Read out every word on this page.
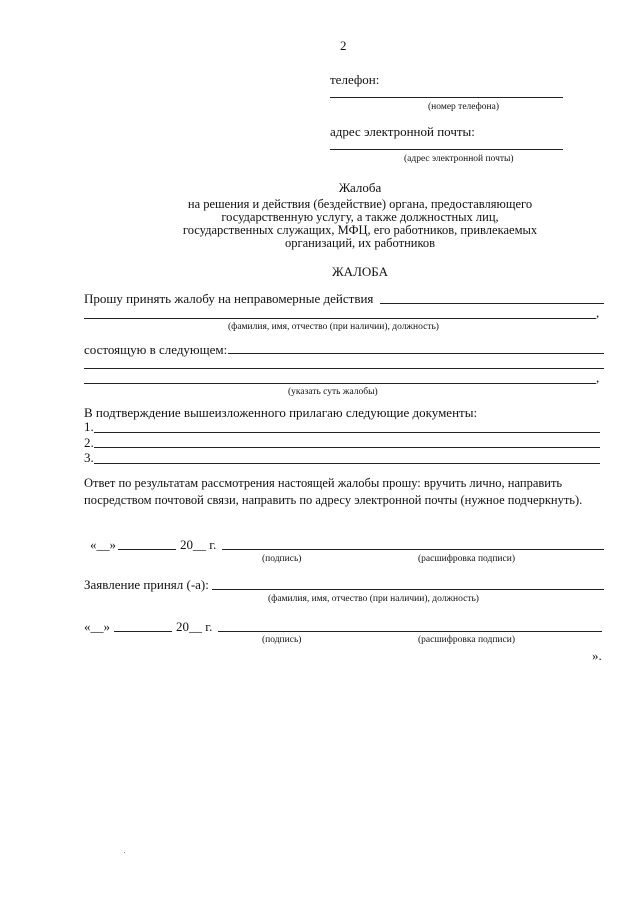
2
телефон:
(номер телефона)
адрес электронной почты:
(адрес электронной почты)
Жалоба
на решения и действия (бездействие) органа, предоставляющего
государственную услугу, а также должностных лиц,
государственных служащих, МФЦ, его работников, привлекаемых
организаций, их работников
ЖАЛОБА
Прошу принять жалобу на неправомерные действия
,
(фамилия, имя, отчество (при наличии), должность)
состоящую в следующем:
,
(указать суть жалобы)
В подтверждение вышеизложенного прилагаю следующие документы:
1.
2.
3.
Ответ по результатам рассмотрения настоящей жалобы прошу: вручить лично, направить
посредством почтовой связи, направить по адресу электронной почты (нужное подчеркнуть).
«__»	20__ г.
(подпись)	(расшифровка подписи)
Заявление принял (-а):
(фамилия, имя, отчество (при наличии), должность)
«__»	20__ г.
(подпись)	(расшифровка подписи)
».
